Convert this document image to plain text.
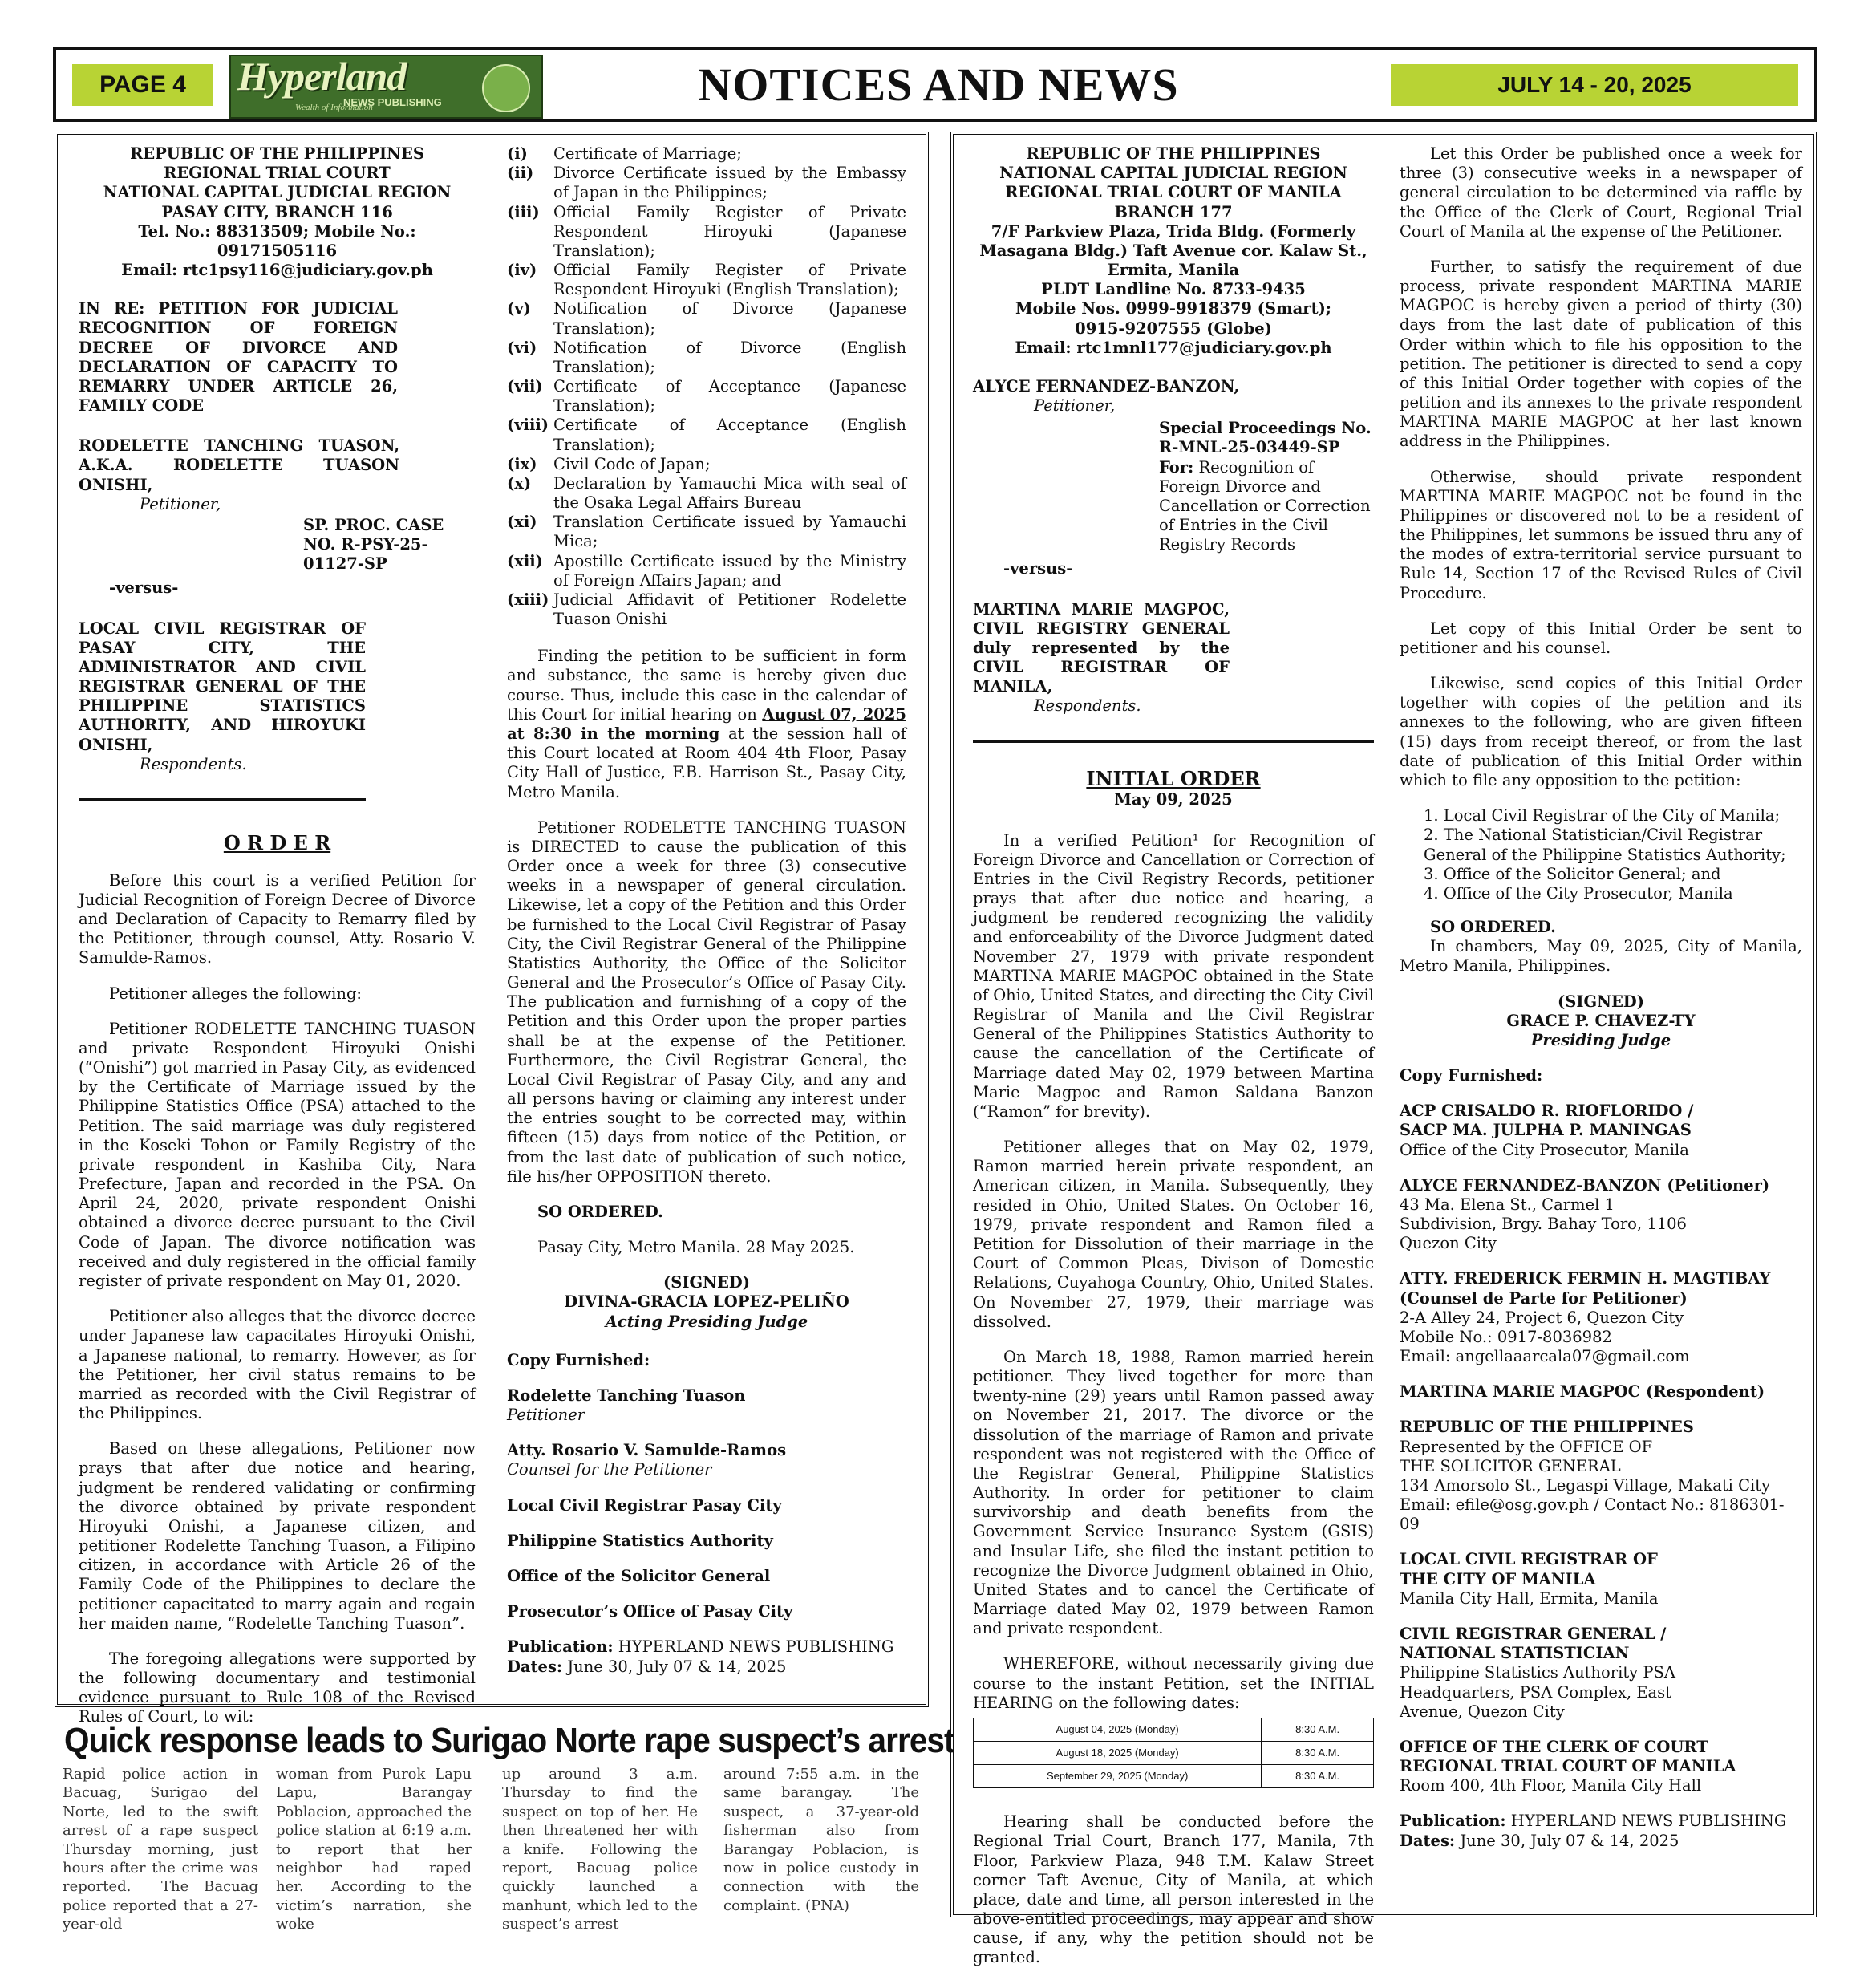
PAGE 4	Hyperland
NEWS PUBLISHING
Wealth of Information	NOTICES AND NEWS	JULY 14 - 20, 2025
REPUBLIC OF THE PHILIPPINES
REGIONAL TRIAL COURT
NATIONAL CAPITAL JUDICIAL REGION
PASAY CITY, BRANCH 116
Tel. No.: 88313509; Mobile No.: 09171505116
Email: rtc1psy116@judiciary.gov.ph
IN RE: PETITION FOR JUDICIAL RECOGNITION OF FOREIGN DECREE OF DIVORCE AND DECLARATION OF CAPACITY TO REMARRY UNDER ARTICLE 26, FAMILY CODE
RODELETTE TANCHING TUASON, A.K.A. RODELETTE TUASON ONISHI,
Petitioner,
SP. PROC. CASE NO. R-PSY-25-01127-SP
-versus-
LOCAL CIVIL REGISTRAR OF PASAY CITY, THE ADMINISTRATOR AND CIVIL REGISTRAR GENERAL OF THE PHILIPPINE STATISTICS AUTHORITY, AND HIROYUKI ONISHI,
Respondents.
O R D E R

Before this court is a verified Petition for Judicial Recognition of Foreign Decree of Divorce and Declaration of Capacity to Remarry filed by the Petitioner, through counsel, Atty. Rosario V. Samulde-Ramos.

Petitioner alleges the following:

Petitioner RODELETTE TANCHING TUASON and private Respondent Hiroyuki Onishi (“Onishi”) got married in Pasay City, as evidenced by the Certificate of Marriage issued by the Philippine Statistics Office (PSA) attached to the Petition. The said marriage was duly registered in the Koseki Tohon or Family Registry of the private respondent in Kashiba City, Nara Prefecture, Japan and recorded in the PSA. On April 24, 2020, private respondent Onishi obtained a divorce decree pursuant to the Civil Code of Japan. The divorce notification was received and duly registered in the official family register of private respondent on May 01, 2020.

Petitioner also alleges that the divorce decree under Japanese law capacitates Hiroyuki Onishi, a Japanese national, to remarry. However, as for the Petitioner, her civil status remains to be married as recorded with the Civil Registrar of the Philippines.

Based on these allegations, Petitioner now prays that after due notice and hearing, judgment be rendered validating or confirming the divorce obtained by private respondent Hiroyuki Onishi, a Japanese citizen, and petitioner Rodelette Tanching Tuason, a Filipino citizen, in accordance with Article 26 of the Family Code of the Philippines to declare the petitioner capacitated to marry again and regain her maiden name, “Rodelette Tanching Tuason”.

The foregoing allegations were supported by the following documentary and testimonial evidence pursuant to Rule 108 of the Revised Rules of Court, to wit:

(i)	Certificate of Marriage;
(ii)	Divorce Certificate issued by the Embassy of Japan in the Philippines;
(iii) Official Family Register of Private Respondent Hiroyuki (Japanese Translation);
(iv)	Official Family Register of Private Respondent Hiroyuki (English Translation);
(v)	Notification of Divorce (Japanese Translation);
(vi)	Notification of Divorce (English Translation);
(vii) Certificate of Acceptance (Japanese Translation);
(viii) Certificate of Acceptance (English Translation);
(ix)	Civil Code of Japan;
(x)	Declaration by Yamauchi Mica with seal of the Osaka Legal Affairs Bureau
(xi)	Translation Certificate issued by Yamauchi Mica;
(xii) Apostille Certificate issued by the Ministry of Foreign Affairs Japan; and
(xiii) Judicial Affidavit of Petitioner Rodelette Tuason Onishi

Finding the petition to be sufficient in form and substance, the same is hereby given due course. Thus, include this case in the calendar of this Court for initial hearing on August 07, 2025 at 8:30 in the morning at the session hall of this Court located at Room 404 4th Floor, Pasay City Hall of Justice, F.B. Harrison St., Pasay City, Metro Manila.

Petitioner RODELETTE TANCHING TUASON is DIRECTED to cause the publication of this Order once a week for three (3) consecutive weeks in a newspaper of general circulation. Likewise, let a copy of the Petition and this Order be furnished to the Local Civil Registrar of Pasay City, the Civil Registrar General of the Philippine Statistics Authority, the Office of the Solicitor General and the Prosecutor’s Office of Pasay City. The publication and furnishing of a copy of the Petition and this Order upon the proper parties shall be at the expense of the Petitioner. Furthermore, the Civil Registrar General, the Local Civil Registrar of Pasay City, and any and all persons having or claiming any interest under the entries sought to be corrected may, within fifteen (15) days from notice of the Petition, or from the last date of publication of such notice, file his/her OPPOSITION thereto.

SO ORDERED.

Pasay City, Metro Manila. 28 May 2025.

(SIGNED)
DIVINA-GRACIA LOPEZ-PELIÑO
Acting Presiding Judge

Copy Furnished:

Rodelette Tanching Tuason

Petitioner

Atty. Rosario V. Samulde-Ramos

Counsel for the Petitioner

Local Civil Registrar Pasay City

Philippine Statistics Authority

Office of the Solicitor General

Prosecutor’s Office of Pasay City

Publication: HYPERLAND NEWS PUBLISHING
Dates: June 30, July 07 & 14, 2025
Quick response leads to Surigao Norte rape suspect’s arrest
Rapid police action in Bacuag, Surigao del Norte, led to the swift arrest of a rape suspect Thursday morning, just hours after the crime was reported.  The Bacuag police reported that a 27-year-old
woman from Purok Lapu Lapu, Barangay Poblacion, approached the police station at 6:19 a.m. to report that her neighbor had raped her.  According to the victim’s narration, she woke
up around 3 a.m. Thursday to find the suspect on top of her. He then threatened her with a knife.  Following the report, Bacuag police quickly launched a manhunt, which led to the suspect’s arrest
around 7:55 a.m. in the same barangay.  The suspect, a 37-year-old fisherman also from Barangay Poblacion, is now in police custody in connection with the complaint. (PNA)
REPUBLIC OF THE PHILIPPINES
NATIONAL CAPITAL JUDICIAL REGION
REGIONAL TRIAL COURT OF MANILA
BRANCH 177
7/F Parkview Plaza, Trida Bldg. (Formerly Masagana Bldg.) Taft Avenue cor. Kalaw St., Ermita, Manila
PLDT Landline No. 8733-9435
Mobile Nos. 0999-9918379 (Smart);
0915-9207555 (Globe)
Email: rtc1mnl177@judiciary.gov.ph
ALYCE FERNANDEZ-BANZON,
Petitioner,
Special Proceedings No. R-MNL-25-03449-SP
For: Recognition of Foreign Divorce and Cancellation or Correction of Entries in the Civil Registry Records
-versus-
MARTINA MARIE MAGPOC, CIVIL REGISTRY GENERAL duly represented by the CIVIL REGISTRAR OF MANILA,
Respondents.
INITIAL ORDER
May 09, 2025

In a verified Petition¹ for Recognition of Foreign Divorce and Cancellation or Correction of Entries in the Civil Registry Records, petitioner prays that after due notice and hearing, a judgment be rendered recognizing the validity and enforceability of the Divorce Judgment dated November 27, 1979 with private respondent MARTINA MARIE MAGPOC obtained in the State of Ohio, United States, and directing the City Civil Registrar of Manila and the Civil Registrar General of the Philippines Statistics Authority to cause the cancellation of the Certificate of Marriage dated May 02, 1979 between Martina Marie Magpoc and Ramon Saldana Banzon (“Ramon” for brevity).

Petitioner alleges that on May 02, 1979, Ramon married herein private respondent, an American citizen, in Manila. Subsequently, they resided in Ohio, United States. On October 16, 1979, private respondent and Ramon filed a Petition for Dissolution of their marriage in the Court of Common Pleas, Divison of Domestic Relations, Cuyahoga Country, Ohio, United States. On November 27, 1979, their marriage was dissolved.

On March 18, 1988, Ramon married herein petitioner. They lived together for more than twenty-nine (29) years until Ramon passed away on November 21, 2017. The divorce or the dissolution of the marriage of Ramon and private respondent was not registered with the Office of the Registrar General, Philippine Statistics Authority. In order for petitioner to claim survivorship and death benefits from the Government Service Insurance System (GSIS) and Insular Life, she filed the instant petition to recognize the Divorce Judgment obtained in Ohio, United States and to cancel the Certificate of Marriage dated May 02, 1979 between Ramon and private respondent.

WHEREFORE, without necessarily giving due course to the instant Petition, set the INITIAL HEARING on the following dates:
August 04, 2025 (Monday)	8:30 A.M.
August 18, 2025 (Monday)	8:30 A.M.
September 29, 2025 (Monday)	8:30 A.M.

Hearing shall be conducted before the Regional Trial Court, Branch 177, Manila, 7th Floor, Parkview Plaza, 948 T.M. Kalaw Street corner Taft Avenue, City of Manila, at which place, date and time, all person interested in the above-entitled proceedings, may appear and show cause, if any, why the petition should not be granted.

Let this Order be published once a week for three (3) consecutive weeks in a newspaper of general circulation to be determined via raffle by the Office of the Clerk of Court, Regional Trial Court of Manila at the expense of the Petitioner.

Further, to satisfy the requirement of due process, private respondent MARTINA MARIE MAGPOC is hereby given a period of thirty (30) days from the last date of publication of this Order within which to file his opposition to the petition. The petitioner is directed to send a copy of this Initial Order together with copies of the petition and its annexes to the private respondent MARTINA MARIE MAGPOC at her last known address in the Philippines.

Otherwise, should private respondent MARTINA MARIE MAGPOC not be found in the Philippines or discovered not to be a resident of the Philippines, let summons be issued thru any of the modes of extra-territorial service pursuant to Rule 14, Section 17 of the Revised Rules of Civil Procedure.

Let copy of this Initial Order be sent to petitioner and his counsel.

Likewise, send copies of this Initial Order together with copies of the petition and its annexes to the following, who are given fifteen (15) days from receipt thereof, or from the last date of publication of this Initial Order within which to file any opposition to the petition:

1. Local Civil Registrar of the City of Manila;
2. The National Statistician/Civil Registrar General of the Philippine Statistics Authority;
3. Office of the Solicitor General; and
4. Office of the City Prosecutor, Manila
SO ORDERED.

In chambers, May 09, 2025, City of Manila, Metro Manila, Philippines.

(SIGNED)
GRACE P. CHAVEZ-TY
Presiding Judge

Copy Furnished:

ACP CRISALDO R. RIOFLORIDO / SACP MA. JULPHA P. MANINGAS

Office of the City Prosecutor, Manila

ALYCE FERNANDEZ-BANZON (Petitioner)

43 Ma. Elena St., Carmel 1 Subdivision, Brgy. Bahay Toro, 1106 Quezon City

ATTY. FREDERICK FERMIN H. MAGTIBAY
(Counsel de Parte for Petitioner)
2-A Alley 24, Project 6, Quezon City
Mobile No.: 0917-8036982

Email: angellaaarcala07@gmail.com

MARTINA MARIE MAGPOC (Respondent)

REPUBLIC OF THE PHILIPPINES
Represented by the OFFICE OF THE SOLICITOR GENERAL
134 Amorsolo St., Legaspi Village, Makati City

Email: efile@osg.gov.ph / Contact No.: 8186301-09

LOCAL CIVIL REGISTRAR OF THE CITY OF MANILA

Manila City Hall, Ermita, Manila

CIVIL REGISTRAR GENERAL / NATIONAL STATISTICIAN

Philippine Statistics Authority PSA Headquarters, PSA Complex, East Avenue, Quezon City

OFFICE OF THE CLERK OF COURT REGIONAL TRIAL COURT OF MANILA

Room 400, 4th Floor, Manila City Hall

Publication: HYPERLAND NEWS PUBLISHING
Dates: June 30, July 07 & 14, 2025
